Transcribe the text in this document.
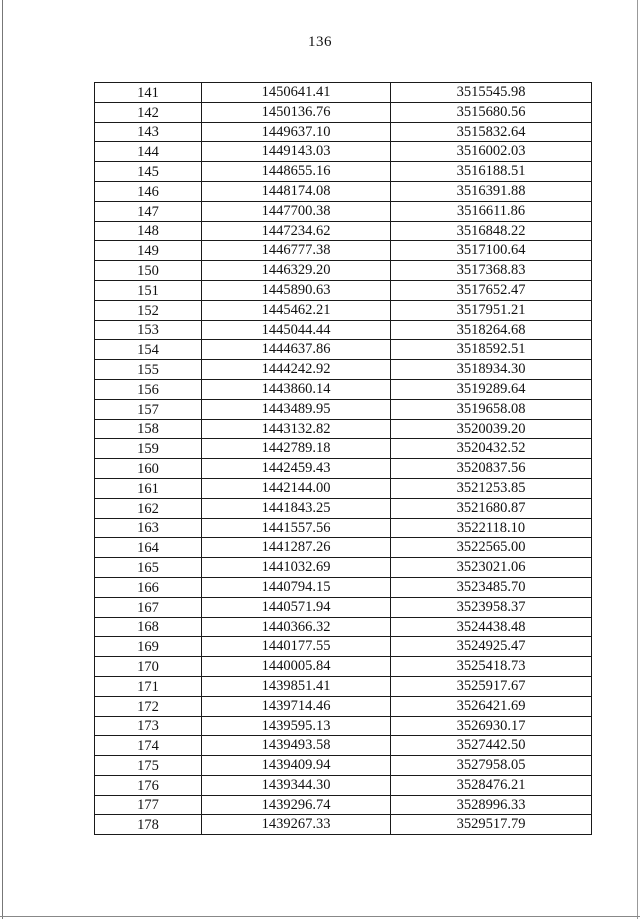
136
141	1450641.41	3515545.98
142	1450136.76	3515680.56
143	1449637.10	3515832.64
144	1449143.03	3516002.03
145	1448655.16	3516188.51
146	1448174.08	3516391.88
147	1447700.38	3516611.86
148	1447234.62	3516848.22
149	1446777.38	3517100.64
150	1446329.20	3517368.83
151	1445890.63	3517652.47
152	1445462.21	3517951.21
153	1445044.44	3518264.68
154	1444637.86	3518592.51
155	1444242.92	3518934.30
156	1443860.14	3519289.64
157	1443489.95	3519658.08
158	1443132.82	3520039.20
159	1442789.18	3520432.52
160	1442459.43	3520837.56
161	1442144.00	3521253.85
162	1441843.25	3521680.87
163	1441557.56	3522118.10
164	1441287.26	3522565.00
165	1441032.69	3523021.06
166	1440794.15	3523485.70
167	1440571.94	3523958.37
168	1440366.32	3524438.48
169	1440177.55	3524925.47
170	1440005.84	3525418.73
171	1439851.41	3525917.67
172	1439714.46	3526421.69
173	1439595.13	3526930.17
174	1439493.58	3527442.50
175	1439409.94	3527958.05
176	1439344.30	3528476.21
177	1439296.74	3528996.33
178	1439267.33	3529517.79
